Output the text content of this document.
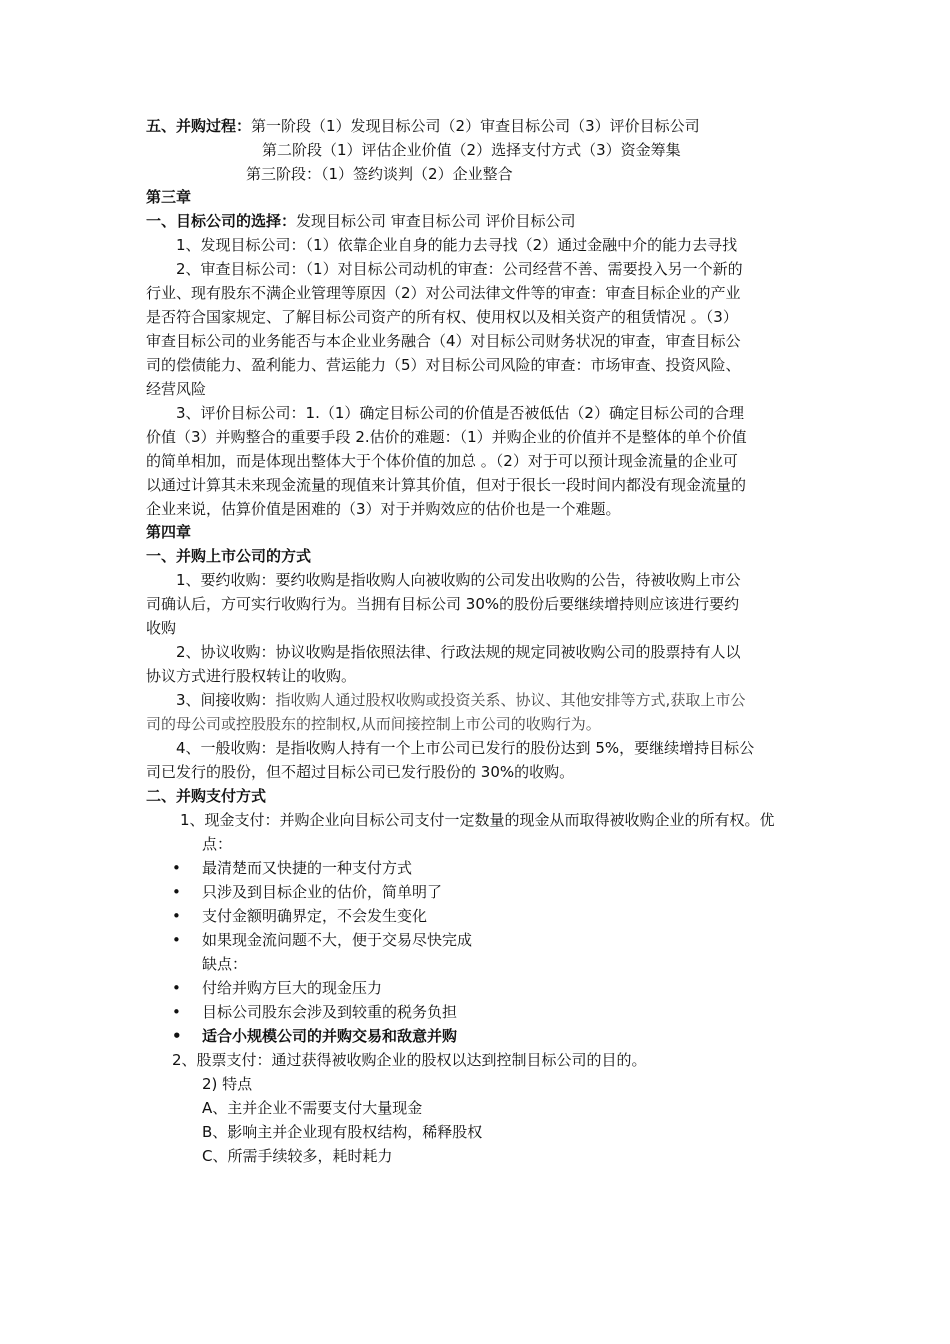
五、并购过程：第一阶段（1）发现目标公司（2）审查目标公司（3）评价目标公司
第二阶段（1）评估企业价值（2）选择支付方式（3）资金筹集
第三阶段：（1）签约谈判（2）企业整合
第三章
一、目标公司的选择：发现目标公司 审查目标公司 评价目标公司
1、发现目标公司：（1）依靠企业自身的能力去寻找（2）通过金融中介的能力去寻找
2、审查目标公司：（1）对目标公司动机的审查：公司经营不善、需要投入另一个新的
行业、现有股东不满企业管理等原因（2）对公司法律文件等的审查：审查目标企业的产业
是否符合国家规定、了解目标公司资产的所有权、使用权以及相关资产的租赁情况 。（3）
审查目标公司的业务能否与本企业业务融合（4）对目标公司财务状况的审查，审查目标公
司的偿债能力、盈利能力、营运能力（5）对目标公司风险的审查：市场审查、投资风险、
经营风险
3、评价目标公司：1.（1）确定目标公司的价值是否被低估（2）确定目标公司的合理
价值（3）并购整合的重要手段 2.估价的难题：（1）并购企业的价值并不是整体的单个价值
的简单相加，而是体现出整体大于个体价值的加总 。（2）对于可以预计现金流量的企业可
以通过计算其未来现金流量的现值来计算其价值，但对于很长一段时间内都没有现金流量的
企业来说，估算价值是困难的（3）对于并购效应的估价也是一个难题。
第四章
一、并购上市公司的方式
1、要约收购：要约收购是指收购人向被收购的公司发出收购的公告，待被收购上市公
司确认后，方可实行收购行为。当拥有目标公司 30%的股份后要继续增持则应该进行要约
收购
2、协议收购：协议收购是指依照法律、行政法规的规定同被收购公司的股票持有人以
协议方式进行股权转让的收购。
3、间接收购：指收购人通过股权收购或投资关系、协议、其他安排等方式,获取上市公
司的母公司或控股股东的控制权,从而间接控制上市公司的收购行为。
4、一般收购：是指收购人持有一个上市公司已发行的股份达到 5%，要继续增持目标公
司已发行的股份，但不超过目标公司已发行股份的 30%的收购。
二、并购支付方式
1、现金支付：并购企业向目标公司支付一定数量的现金从而取得被收购企业的所有权。优
点：
• 最清楚而又快捷的一种支付方式
• 只涉及到目标企业的估价，简单明了
• 支付金额明确界定，不会发生变化
• 如果现金流问题不大，便于交易尽快完成
缺点：
• 付给并购方巨大的现金压力
• 目标公司股东会涉及到较重的税务负担
• 适合小规模公司的并购交易和敌意并购
2、股票支付：通过获得被收购企业的股权以达到控制目标公司的目的。
2) 特点
A、主并企业不需要支付大量现金
B、影响主并企业现有股权结构，稀释股权
C、所需手续较多，耗时耗力
